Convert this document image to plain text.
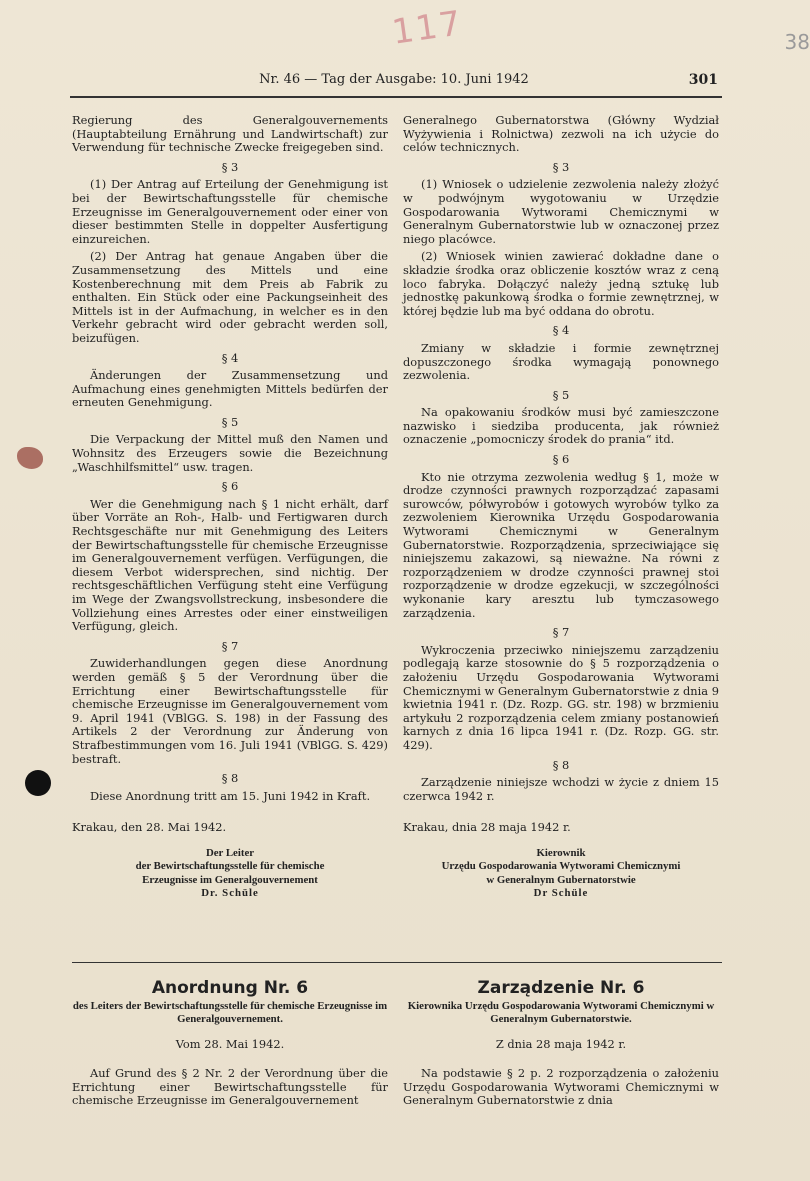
117	38
Nr. 46 — Tag der Ausgabe: 10. Juni 1942	301

Regierung des Generalgouvernements (Hauptabteilung Ernährung und Landwirtschaft) zur Verwendung für technische Zwecke freigegeben sind.

§ 3

(1) Der Antrag auf Erteilung der Genehmigung ist bei der Bewirtschaftungsstelle für chemische Erzeugnisse im Generalgouvernement oder einer von dieser bestimmten Stelle in doppelter Ausfertigung einzureichen.

(2) Der Antrag hat genaue Angaben über die Zusammensetzung des Mittels und eine Kostenberechnung mit dem Preis ab Fabrik zu enthalten. Ein Stück oder eine Packungseinheit des Mittels ist in der Aufmachung, in welcher es in den Verkehr gebracht wird oder gebracht werden soll, beizufügen.

§ 4

Änderungen der Zusammensetzung und Aufmachung eines genehmigten Mittels bedürfen der erneuten Genehmigung.

§ 5

Die Verpackung der Mittel muß den Namen und Wohnsitz des Erzeugers sowie die Bezeichnung „Waschhilfsmittel“ usw. tragen.

§ 6

Wer die Genehmigung nach § 1 nicht erhält, darf über Vorräte an Roh-, Halb- und Fertigwaren durch Rechtsgeschäfte nur mit Genehmigung des Leiters der Bewirtschaftungsstelle für chemische Erzeugnisse im Generalgouvernement verfügen. Verfügungen, die diesem Verbot widersprechen, sind nichtig. Der rechtsgeschäftlichen Verfügung steht eine Verfügung im Wege der Zwangsvollstreckung, insbesondere die Vollziehung eines Arrestes oder einer einstweiligen Verfügung, gleich.

§ 7

Zuwiderhandlungen gegen diese Anordnung werden gemäß § 5 der Verordnung über die Errichtung einer Bewirtschaftungsstelle für chemische Erzeugnisse im Generalgouvernement vom 9. April 1941 (VBlGG. S. 198) in der Fassung des Artikels 2 der Verordnung zur Änderung von Strafbestimmungen vom 16. Juli 1941 (VBlGG. S. 429) bestraft.

§ 8

Diese Anordnung tritt am 15. Juni 1942 in Kraft.

Krakau, den 28. Mai 1942.
Der Leiter
der Bewirtschaftungsstelle für chemische
Erzeugnisse im Generalgouvernement
Dr. Schüle

Generalnego Gubernatorstwa (Główny Wydział Wyżywienia i Rolnictwa) zezwoli na ich użycie do celów technicznych.

§ 3

(1) Wniosek o udzielenie zezwolenia należy złożyć w podwójnym wygotowaniu w Urzędzie Gospodarowania Wytworami Chemicznymi w Generalnym Gubernatorstwie lub w oznaczonej przez niego placówce.

(2) Wniosek winien zawierać dokładne dane o składzie środka oraz obliczenie kosztów wraz z ceną loco fabryka. Dołączyć należy jedną sztukę lub jednostkę pakunkową środka o formie zewnętrznej, w której będzie lub ma być oddana do obrotu.

§ 4

Zmiany w składzie i formie zewnętrznej dopuszczonego środka wymagają ponownego zezwolenia.

§ 5

Na opakowaniu środków musi być zamieszczone nazwisko i siedziba producenta, jak również oznaczenie „pomocniczy środek do prania“ itd.

§ 6

Kto nie otrzyma zezwolenia według § 1, może w drodze czynności prawnych rozporządzać zapasami surowców, półwyrobów i gotowych wyrobów tylko za zezwoleniem Kierownika Urzędu Gospodarowania Wytworami Chemicznymi w Generalnym Gubernatorstwie. Rozporządzenia, sprzeciwiające się niniejszemu zakazowi, są nieważne. Na równi z rozporządzeniem w drodze czynności prawnej stoi rozporządzenie w drodze egzekucji, w szczególności wykonanie kary aresztu lub tymczasowego zarządzenia.

§ 7

Wykroczenia przeciwko niniejszemu zarządzeniu podlegają karze stosownie do § 5 rozporządzenia o założeniu Urzędu Gospodarowania Wytworami Chemicznymi w Generalnym Gubernatorstwie z dnia 9 kwietnia 1941 r. (Dz. Rozp. GG. str. 198) w brzmieniu artykułu 2 rozporządzenia celem zmiany postanowień karnych z dnia 16 lipca 1941 r. (Dz. Rozp. GG. str. 429).

§ 8

Zarządzenie niniejsze wchodzi w życie z dniem 15 czerwca 1942 r.

Krakau, dnia 28 maja 1942 r.
Kierownik
Urzędu Gospodarowania Wytworami Chemicznymi
w Generalnym Gubernatorstwie
Dr Schüle
Anordnung Nr. 6
des Leiters der Bewirtschaftungsstelle für chemische Erzeugnisse im Generalgouvernement.
Vom 28. Mai 1942.

Auf Grund des § 2 Nr. 2 der Verordnung über die Errichtung einer Bewirtschaftungsstelle für chemische Erzeugnisse im Generalgouvernement

Zarządzenie Nr. 6
Kierownika Urzędu Gospodarowania Wytworami Chemicznymi w Generalnym Gubernatorstwie.
Z dnia 28 maja 1942 r.

Na podstawie § 2 p. 2 rozporządzenia o założeniu Urzędu Gospodarowania Wytworami Chemicznymi w Generalnym Gubernatorstwie z dnia
